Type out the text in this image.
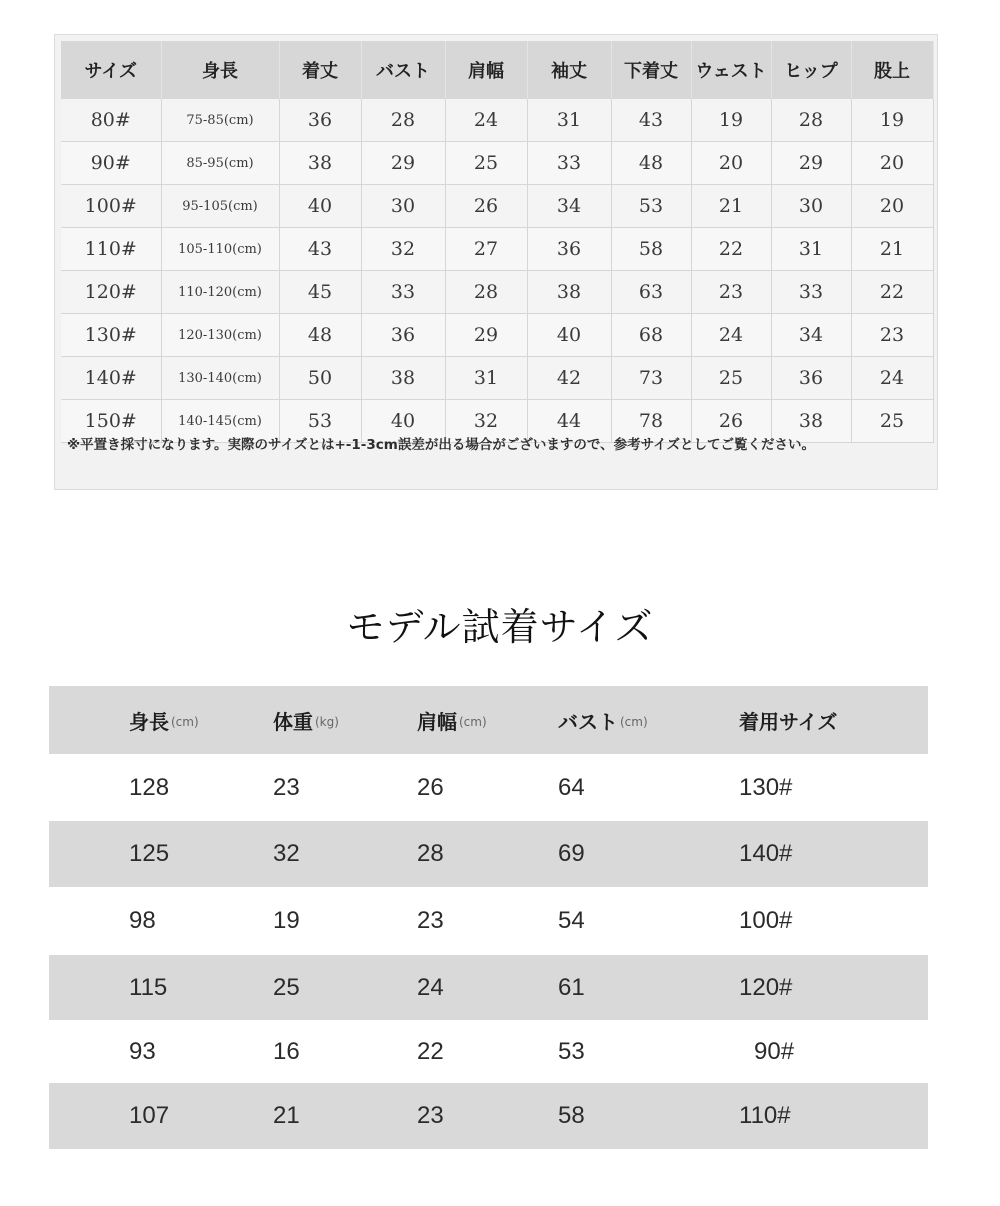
サイズ	身長	着丈	バスト	肩幅	袖丈	下着丈	ウェスト	ヒップ	股上
80#	75-85(cm)	36	28	24	31	43	19	28	19
90#	85-95(cm)	38	29	25	33	48	20	29	20
100#	95-105(cm)	40	30	26	34	53	21	30	20
110#	105-110(cm)	43	32	27	36	58	22	31	21
120#	110-120(cm)	45	33	28	38	63	23	33	22
130#	120-130(cm)	48	36	29	40	68	24	34	23
140#	130-140(cm)	50	38	31	42	73	25	36	24
150#	140-145(cm)	53	40	32	44	78	26	38	25
※平置き採寸になります。実際のサイズとは+-1-3cm誤差が出る場合がございますので、参考サイズとしてご覧ください。
モデル試着サイズ
身長 (cm)	体重 (kg)	肩幅 (cm)	バスト (cm)	着用サイズ
128	23	26	64	130#
125	32	28	69	140#
98	19	23	54	100#
115	25	24	61	120#
93	16	22	53	90#
107	21	23	58	110#
